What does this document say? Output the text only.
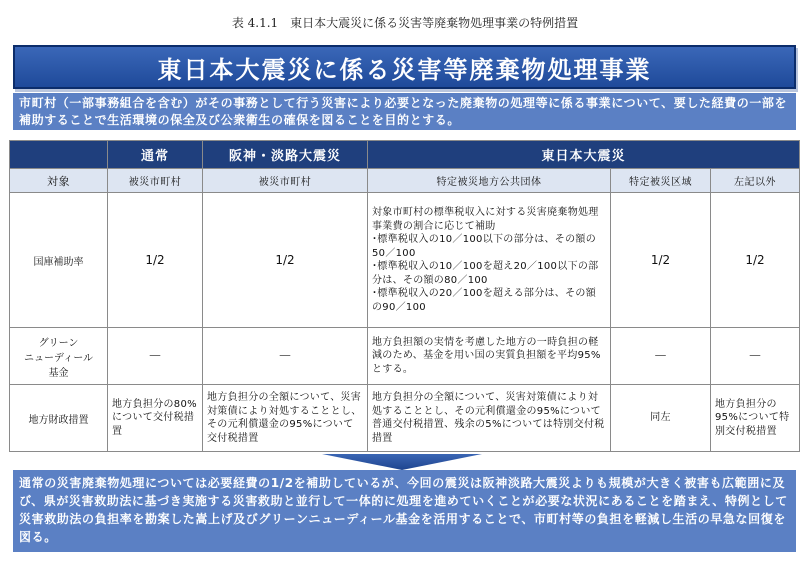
表 4.1.1　東日本大震災に係る災害等廃棄物処理事業の特例措置
東日本大震災に係る災害等廃棄物処理事業
市町村（一部事務組合を含む）がその事務として行う災害により必要となった廃棄物の処理等に係る事業について、要した経費の一部を補助することで生活環境の保全及び公衆衛生の確保を図ることを目的とする。
	通常	阪神・淡路大震災	東日本大震災		
対象	被災市町村	被災市町村	特定被災地方公共団体	特定被災区域	左記以外
国庫補助率	1/2	1/2	対象市町村の標準税収入に対する災害廃棄物処理事業費の割合に応じて補助
･標準税収入の10／100以下の部分は、その額の50／100
･標準税収入の10／100を超え20／100以下の部分は、その額の80／100
･標準税収入の20／100を超える部分は、その額の90／100	1/2	1/2
グリーン
ニューディール
基金	－	－	地方負担額の実情を考慮した地方の一時負担の軽減のため、基金を用い国の実質負担額を平均95%とする。	－	－
地方財政措置	地方負担分の80%について交付税措置	地方負担分の全額について、災害対策債により対処することとし、その元利償還金の95%について交付税措置	地方負担分の全額について、災害対策債により対処することとし、その元利償還金の95%について普通交付税措置、残余の5%については特別交付税措置	同左	地方負担分の95%について特別交付税措置
通常の災害廃棄物処理については必要経費の1/2を補助しているが、今回の震災は阪神淡路大震災よりも規模が大きく被害も広範囲に及び、県が災害救助法に基づき実施する災害救助と並行して一体的に処理を進めていくことが必要な状況にあることを踏まえ、特例として災害救助法の負担率を勘案した嵩上げ及びグリーンニューディール基金を活用することで、市町村等の負担を軽減し生活の早急な回復を図る。
